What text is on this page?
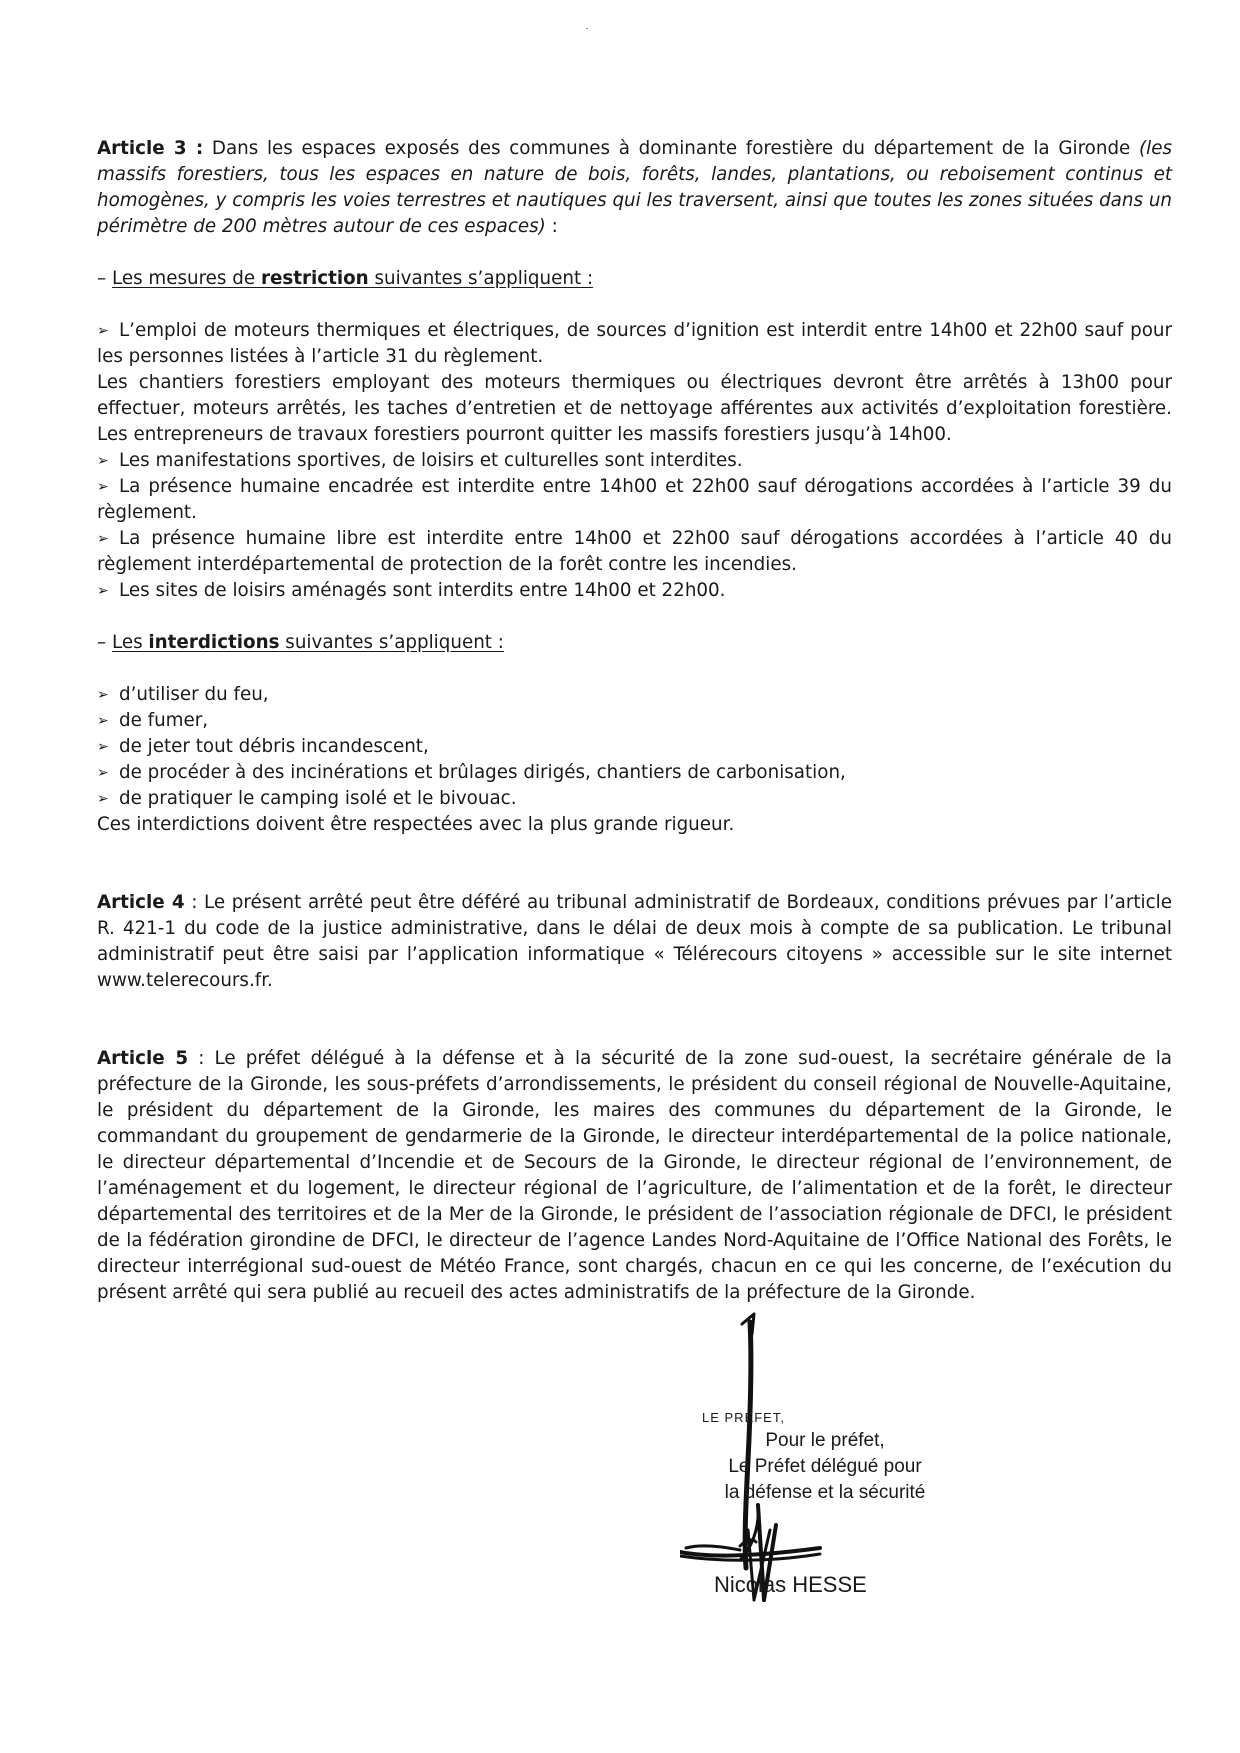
Article 3 : Dans les espaces exposés des communes à dominante forestière du département de la Gironde (les massifs forestiers, tous les espaces en nature de bois, forêts, landes, plantations, ou reboisement continus et homogènes, y compris les voies terrestres et nautiques qui les traversent, ainsi que toutes les zones situées dans un périmètre de 200 mètres autour de ces espaces) :

– Les mesures de restriction suivantes s’appliquent :

➢ L’emploi de moteurs thermiques et électriques, de sources d’ignition est interdit entre 14h00 et 22h00 sauf pour les personnes listées à l’article 31 du règlement.
Les chantiers forestiers employant des moteurs thermiques ou électriques devront être arrêtés à 13h00 pour effectuer, moteurs arrêtés, les taches d’entretien et de nettoyage afférentes aux activités d’exploitation forestière. Les entrepreneurs de travaux forestiers pourront quitter les massifs forestiers jusqu’à 14h00.
➢ Les manifestations sportives, de loisirs et culturelles sont interdites.
➢ La présence humaine encadrée est interdite entre 14h00 et 22h00 sauf dérogations accordées à l’article 39 du règlement.
➢ La présence humaine libre est interdite entre 14h00 et 22h00 sauf dérogations accordées à l’article 40 du règlement interdépartemental de protection de la forêt contre les incendies.
➢ Les sites de loisirs aménagés sont interdits entre 14h00 et 22h00.

– Les interdictions suivantes s’appliquent :

➢ d’utiliser du feu,
➢ de fumer,
➢ de jeter tout débris incandescent,
➢ de procéder à des incinérations et brûlages dirigés, chantiers de carbonisation,
➢ de pratiquer le camping isolé et le bivouac.
Ces interdictions doivent être respectées avec la plus grande rigueur.

Article 4 : Le présent arrêté peut être déféré au tribunal administratif de Bordeaux, conditions prévues par l’article R. 421-1 du code de la justice administrative, dans le délai de deux mois à compte de sa publication. Le tribunal administratif peut être saisi par l’application informatique « Télérecours citoyens » accessible sur le site internet www.telerecours.fr.

Article 5 : Le préfet délégué à la défense et à la sécurité de la zone sud-ouest, la secrétaire générale de la préfecture de la Gironde, les sous-préfets d’arrondissements, le président du conseil régional de Nouvelle-Aquitaine, le président du département de la Gironde, les maires des communes du département de la Gironde, le commandant du groupement de gendarmerie de la Gironde, le directeur interdépartemental de la police nationale, le directeur départemental d’Incendie et de Secours de la Gironde, le directeur régional de l’environnement, de l’aménagement et du logement, le directeur régional de l’agriculture, de l’alimentation et de la forêt, le directeur départemental des territoires et de la Mer de la Gironde, le président de l’association régionale de DFCI, le président de la fédération girondine de DFCI, le directeur de l’agence Landes Nord-Aquitaine de l’Office National des Forêts, le directeur interrégional sud-ouest de Météo France, sont chargés, chacun en ce qui les concerne, de l’exécution du présent arrêté qui sera publié au recueil des actes administratifs de la préfecture de la Gironde.

LE PRÉFET,
Pour le préfet,
Le Préfet délégué pour
la défense et la sécurité
Nicolas HESSE
